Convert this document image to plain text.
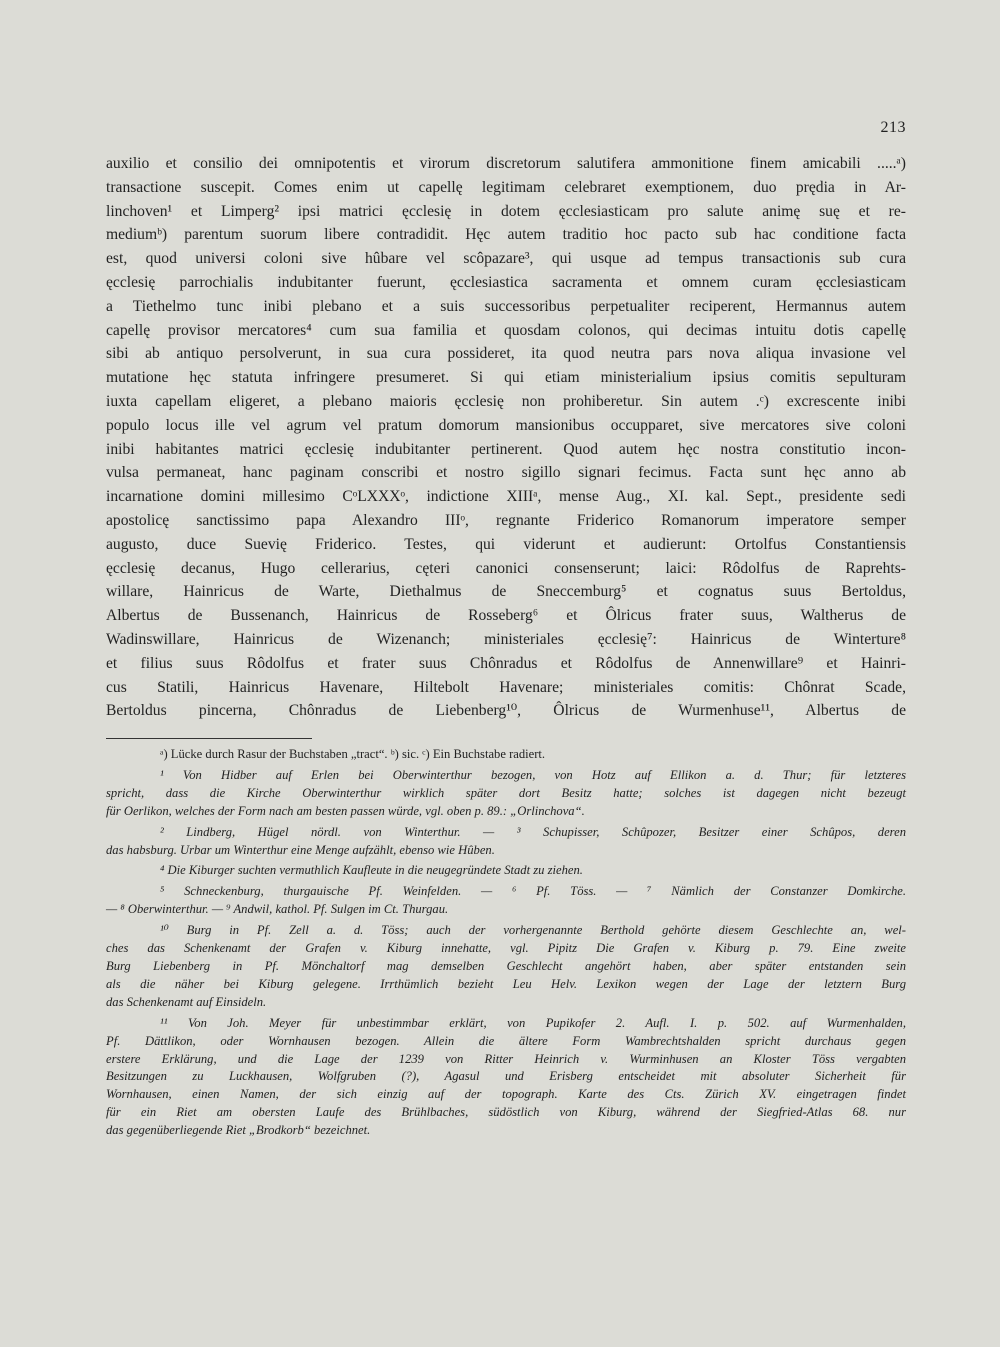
213

auxilio et consilio dei omnipotentis et virorum discretorum salutifera ammonitione finem amicabili .....ᵃ)
transactione suscepit. Comes enim ut capellę legitimam celebraret exemptionem, duo prędia in Ar-
linchoven¹ et Limperg² ipsi matrici ęcclesię in dotem ęcclesiasticam pro salute animę suę et re-
mediumᵇ) parentum suorum libere contradidit. Hęc autem traditio hoc pacto sub hac conditione facta
est, quod universi coloni sive hûbare vel scôpazare³, qui usque ad tempus transactionis sub cura
ęcclesię parrochialis indubitanter fuerunt, ęcclesiastica sacramenta et omnem curam ęcclesiasticam
a Tiethelmo tunc inibi plebano et a suis successoribus perpetualiter reciperent, Hermannus autem
capellę provisor mercatores⁴ cum sua familia et quosdam colonos, qui decimas intuitu dotis capellę
sibi ab antiquo persolverunt, in sua cura possideret, ita quod neutra pars nova aliqua invasione vel
mutatione hęc statuta infringere presumeret. Si qui etiam ministerialium ipsius comitis sepulturam
iuxta capellam eligeret, a plebano maioris ęcclesię non prohiberetur. Sin autem .ᶜ) excrescente inibi
populo locus ille vel agrum vel pratum domorum mansionibus occupparet, sive mercatores sive coloni
inibi habitantes matrici ęcclesię indubitanter pertinerent. Quod autem hęc nostra constitutio incon-
vulsa permaneat, hanc paginam conscribi et nostro sigillo signari fecimus. Facta sunt hęc anno ab
incarnatione domini millesimo CᵒLXXXᵒ, indictione XIIIᵃ, mense Aug., XI. kal. Sept., presidente sedi
apostolicę sanctissimo papa Alexandro IIIᵒ, regnante Friderico Romanorum imperatore semper
augusto, duce Suevię Friderico. Testes, qui viderunt et audierunt: Ortolfus Constantiensis
ęcclesię decanus, Hugo cellerarius, cęteri canonici consenserunt; laici: Rôdolfus de Raprehts-
willare, Hainricus de Warte, Diethalmus de Sneccemburg⁵ et cognatus suus Bertoldus,
Albertus de Bussenanch, Hainricus de Rosseberg⁶ et Ôlricus frater suus, Waltherus de
Wadinswillare, Hainricus de Wizenanch; ministeriales ęcclesię⁷: Hainricus de Winterture⁸
et filius suus Rôdolfus et frater suus Chônradus et Rôdolfus de Annenwillare⁹ et Hainri-
cus Statili, Hainricus Havenare, Hiltebolt Havenare; ministeriales comitis: Chônrat Scade,
Bertoldus pincerna, Chônradus de Liebenberg¹⁰, Ôlricus de Wurmenhuse¹¹, Albertus de

ᵃ) Lücke durch Rasur der Buchstaben „tract“. ᵇ) sic. ᶜ) Ein Buchstabe radiert.
¹ Von Hidber auf Erlen bei Oberwinterthur bezogen, von Hotz auf Ellikon a. d. Thur; für letzteres
spricht, dass die Kirche Oberwinterthur wirklich später dort Besitz hatte; solches ist dagegen nicht bezeugt
für Oerlikon, welches der Form nach am besten passen würde, vgl. oben p. 89.: „Orlinchova“.
² Lindberg, Hügel nördl. von Winterthur. — ³ Schupisser, Schûpozer, Besitzer einer Schûpos, deren
das habsburg. Urbar um Winterthur eine Menge aufzählt, ebenso wie Hûben.
⁴ Die Kiburger suchten vermuthlich Kaufleute in die neugegründete Stadt zu ziehen.
⁵ Schneckenburg, thurgauische Pf. Weinfelden. — ⁶ Pf. Töss. — ⁷ Nämlich der Constanzer Domkirche.
— ⁸ Oberwinterthur. — ⁹ Andwil, kathol. Pf. Sulgen im Ct. Thurgau.
¹⁰ Burg in Pf. Zell a. d. Töss; auch der vorhergenannte Berthold gehörte diesem Geschlechte an, wel-
ches das Schenkenamt der Grafen v. Kiburg innehatte, vgl. Pipitz Die Grafen v. Kiburg p. 79. Eine zweite
Burg Liebenberg in Pf. Mönchaltorf mag demselben Geschlecht angehört haben, aber später entstanden sein
als die näher bei Kiburg gelegene. Irrthümlich bezieht Leu Helv. Lexikon wegen der Lage der letztern Burg
das Schenkenamt auf Einsideln.
¹¹ Von Joh. Meyer für unbestimmbar erklärt, von Pupikofer 2. Aufl. I. p. 502. auf Wurmenhalden,
Pf. Dättlikon, oder Wornhausen bezogen. Allein die ältere Form Wambrechtshalden spricht durchaus gegen
erstere Erklärung, und die Lage der 1239 von Ritter Heinrich v. Wurminhusen an Kloster Töss vergabten
Besitzungen zu Luckhausen, Wolfgruben (?), Agasul und Erisberg entscheidet mit absoluter Sicherheit für
Wornhausen, einen Namen, der sich einzig auf der topograph. Karte des Cts. Zürich XV. eingetragen findet
für ein Riet am obersten Laufe des Brühlbaches, südöstlich von Kiburg, während der Siegfried-Atlas 68. nur
das gegenüberliegende Riet „Brodkorb“ bezeichnet.
